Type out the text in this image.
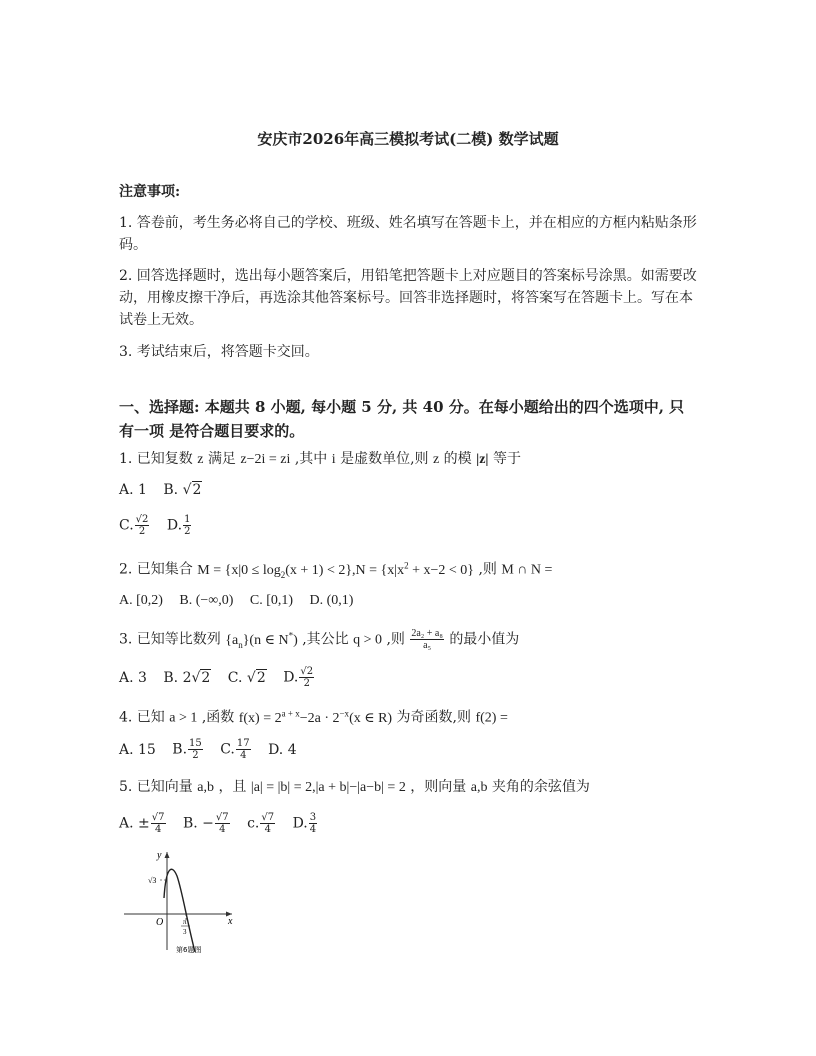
安庆市2026年高三模拟考试(二模) 数学试题
注意事项:
1. 答卷前，考生务必将自己的学校、班级、姓名填写在答题卡上，并在相应的方框内粘贴条形码。
2. 回答选择题时，选出每小题答案后，用铅笔把答题卡上对应题目的答案标号涂黑。如需要改动，用橡皮擦干净后，再选涂其他答案标号。回答非选择题时，将答案写在答题卡上。写在本试卷上无效。
3. 考试结束后，将答题卡交回。
一、选择题: 本题共 8 小题, 每小题 5 分, 共 40 分。在每小题给出的四个选项中, 只有一项 是符合题目要求的。
1. 已知复数 z 满足 z−2i = zi ,其中 i 是虚数单位,则 z 的模 |z| 等于
A. 1 B. √2
C. $\frac{√2}{2} D$. $\frac{1}{2}$
2. 已知集合 $M = \{x|0 \le \log_2(x + 1) < 2\},N = \{x|x^2 + x-2 < 0\}$ ,则 M ∩ N =
A. [0,2) B. (−∞,0) C. [0,1) D. (0,1)
3. 已知等比数列 $\{a_n\}(n$ ∈ N*) ,其公比 q > 0 ,则 $\frac{\text{2a₂ + a₈}}{\text{a₅}}$ 的最小值为
A. 3 B. 2√2 C. √2 D. $\frac{√2}{2}$
4. 已知 a > 1 ,函数 $f(x) = 2^{a + x}-2a \cdot 2^{-x}(x$ ∈ R) 为奇函数,则 f(2) =
A. 15 B. $\frac{15}{2} C$. $\frac{17}{4} D$. 4
5. 已知向量 a,b ，且 |a| = |b| = 2,|a + b|−|a−b| = 2 ，则向量 a,b 夹角的余弦值为
A. ± $\frac{√7}{4} B$. − $\frac{√7}{4} c$. $\frac{√7}{4} D$. $\frac{3}{4}$
y
x
O
√3
π
3
第6题图
